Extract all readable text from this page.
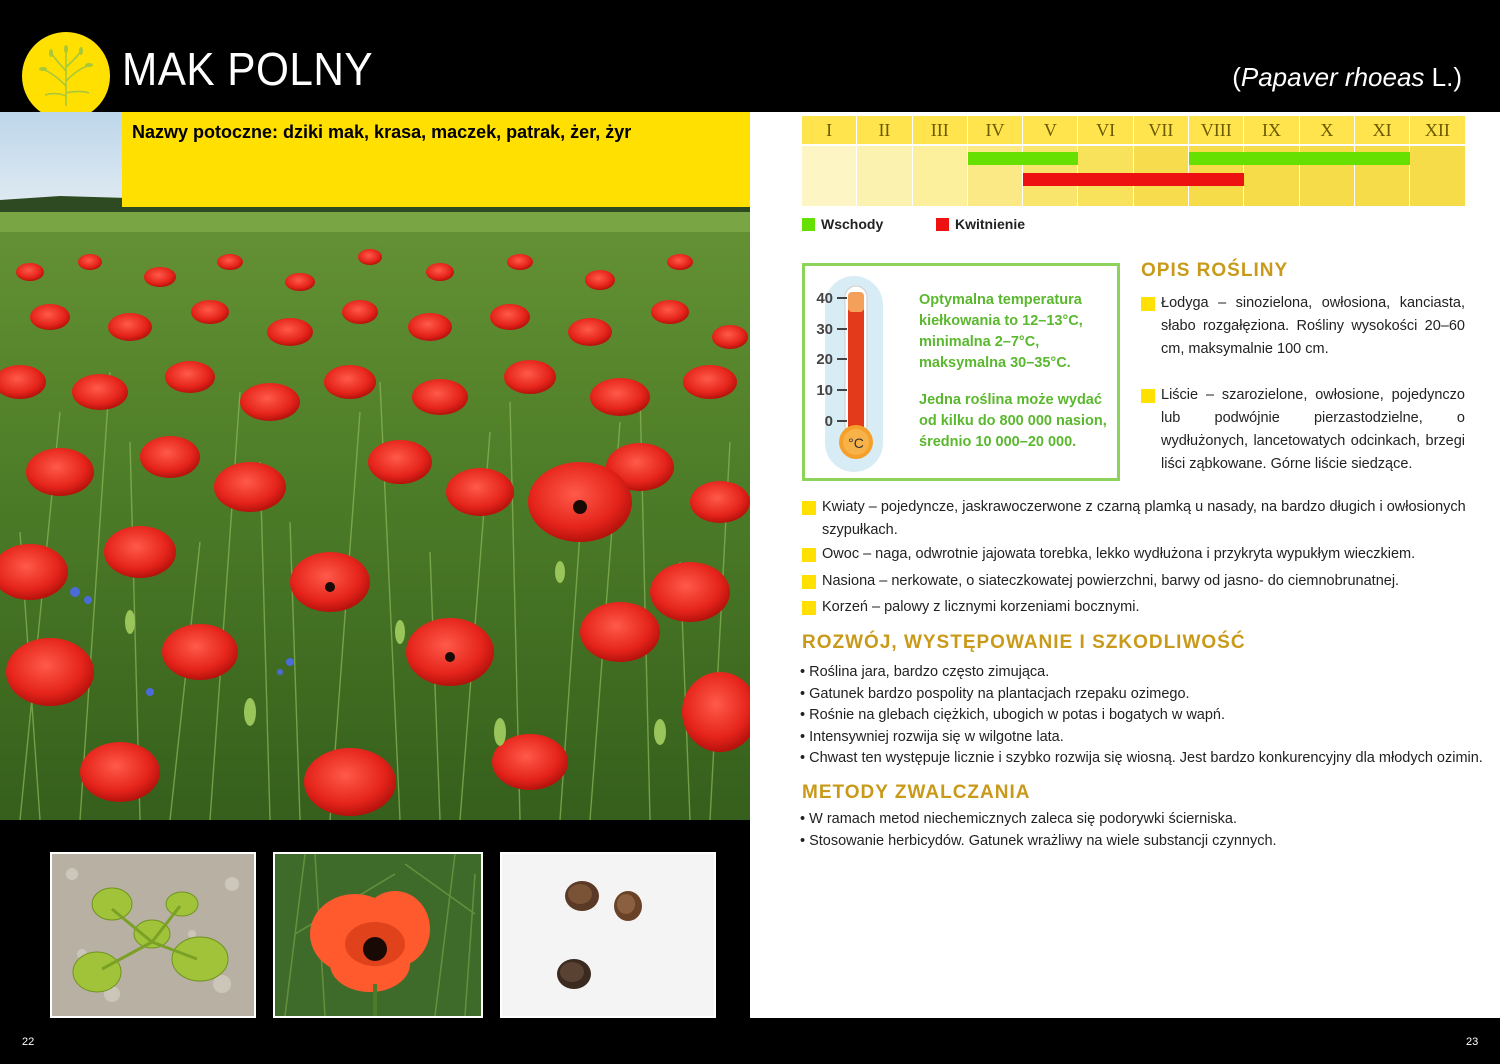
MAK POLNY	(Papaver rhoeas L.)
Nazwy potoczne: dziki mak, krasa, maczek, patrak, żer, żyr
22	23
I	II	III	IV	V	VI	VII	VIII	IX	X	XI	XII
Wschody	Kwitnienie
40
30
20
10
0
°C

Optymalna temperatura kiełkowania to 12–13°C, minimalna 2–7°C, maksymalna 30–35°C.

Jedna roślina może wydać od kilku do 800 000 nasion, średnio 10 000–20 000.

OPIS ROŚLINY
Łodyga – sinozielona, owłosiona, kanciasta, słabo rozgałęziona. Rośliny wysokości 20–60 cm, maksymalnie 100 cm.
Liście – szarozielone, owłosione, pojedynczo lub podwójnie pierzastodzielne, o wydłużonych, lancetowatych odcinkach, brzegi liści ząbkowane. Górne liście siedzące.
Kwiaty – pojedyncze, jaskrawoczerwone z czarną plamką u nasady, na bardzo długich i owłosionych szypułkach.
Owoc – naga, odwrotnie jajowata torebka, lekko wydłużona i przykryta wypukłym wieczkiem.
Nasiona – nerkowate, o siateczkowatej powierzchni, barwy od jasno- do ciemnobrunatnej.
Korzeń – palowy z licznymi korzeniami bocznymi.
ROZWÓJ, WYSTĘPOWANIE I SZKODLIWOŚĆ
• Roślina jara, bardzo często zimująca.
• Gatunek bardzo pospolity na plantacjach rzepaku ozimego.
• Rośnie na glebach ciężkich, ubogich w potas i bogatych w wapń.
• Intensywniej rozwija się w wilgotne lata.
• Chwast ten występuje licznie i szybko rozwija się wiosną. Jest bardzo konkurencyjny dla młodych ozimin.
METODY ZWALCZANIA
• W ramach metod niechemicznych zaleca się podorywki ścierniska.
• Stosowanie herbicydów. Gatunek wrażliwy na wiele substancji czynnych.
